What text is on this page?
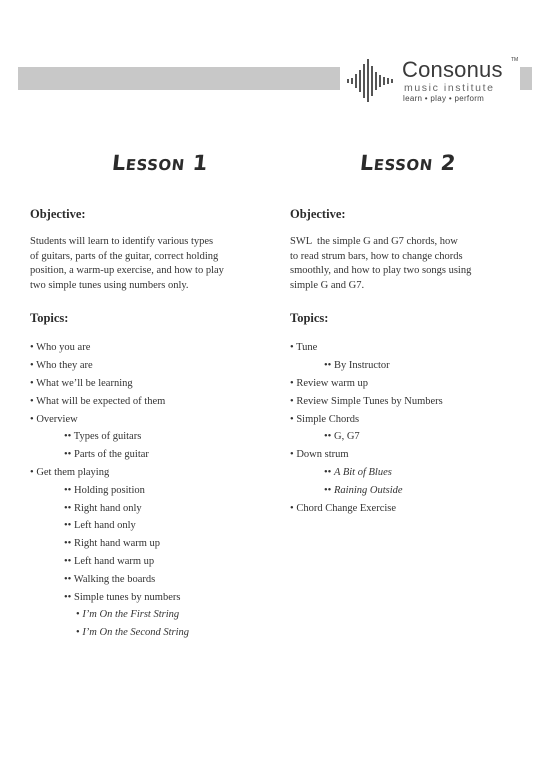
Consonus TM
music institute
learn • play • perform
Lesson 1
Objective:
Students will learn to identify various types
of guitars, parts of the guitar, correct holding
position, a warm-up exercise, and how to play
two simple tunes using numbers only.
Topics:
• Who you are
• Who they are
• What we’ll be learning
• What will be expected of them
• Overview
•• Types of guitars
•• Parts of the guitar
• Get them playing
•• Holding position
•• Right hand only
•• Left hand only
•• Right hand warm up
•• Left hand warm up
•• Walking the boards
•• Simple tunes by numbers
• I’m On the First String
• I’m On the Second String
Lesson 2
Objective:
SWL  the simple G and G7 chords, how
to read strum bars, how to change chords
smoothly, and how to play two songs using
simple G and G7.
Topics:
• Tune
•• By Instructor
• Review warm up
• Review Simple Tunes by Numbers
• Simple Chords
•• G, G7
• Down strum
•• A Bit of Blues
•• Raining Outside
• Chord Change Exercise
